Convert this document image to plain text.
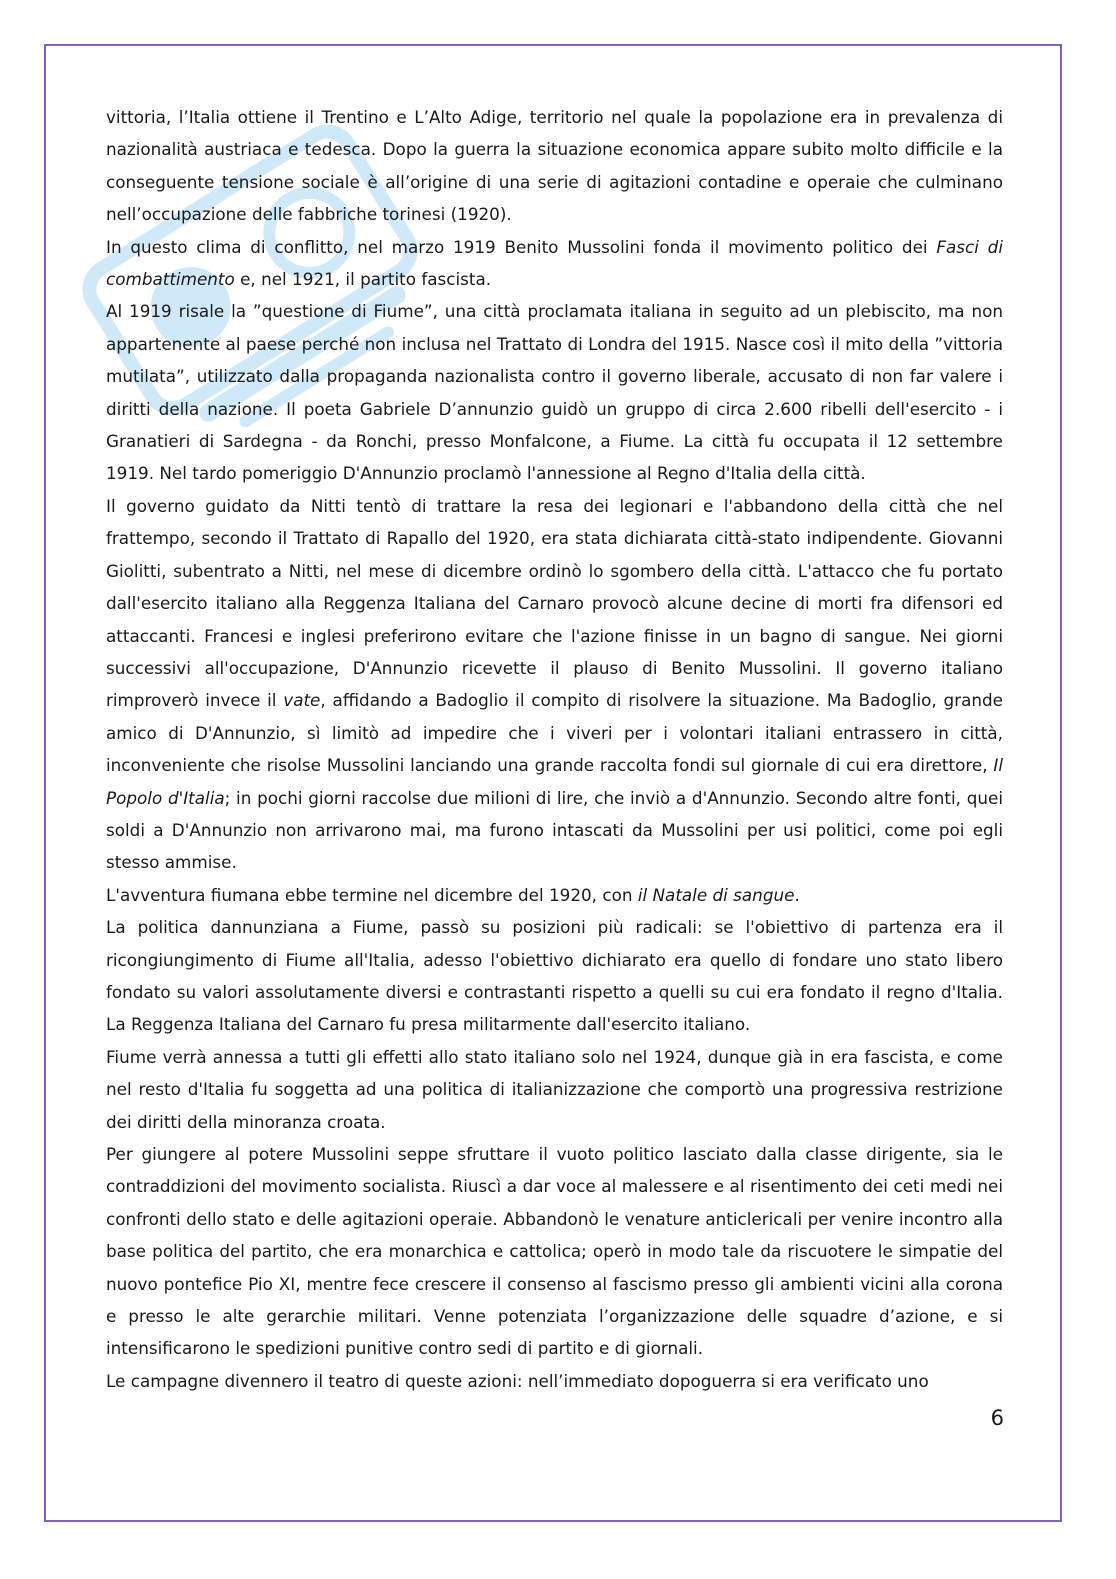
vittoria, l’Italia ottiene il Trentino e L’Alto Adige, territorio nel quale la popolazione era in prevalenza di nazionalità austriaca e tedesca. Dopo la guerra la situazione economica appare subito molto difficile e la conseguente tensione sociale è all’origine di una serie di agitazioni contadine e operaie che culminano nell’occupazione delle fabbriche torinesi (1920).

In questo clima di conflitto, nel marzo 1919 Benito Mussolini fonda il movimento politico dei Fasci di combattimento e, nel 1921, il partito fascista.

Al 1919 risale la ”questione di Fiume”, una città proclamata italiana in seguito ad un plebiscito, ma non appartenente al paese perché non inclusa nel Trattato di Londra del 1915. Nasce così il mito della ”vittoria mutilata”, utilizzato dalla propaganda nazionalista contro il governo liberale, accusato di non far valere i diritti della nazione. Il poeta Gabriele D’annunzio guidò un gruppo di circa 2.600 ribelli dell'esercito - i Granatieri di Sardegna - da Ronchi, presso Monfalcone, a Fiume. La città fu occupata il 12 settembre 1919. Nel tardo pomeriggio D'Annunzio proclamò l'annessione al Regno d'Italia della città.

Il governo guidato da Nitti tentò di trattare la resa dei legionari e l'abbandono della città che nel frattempo, secondo il Trattato di Rapallo del 1920, era stata dichiarata città-stato indipendente. Giovanni Giolitti, subentrato a Nitti, nel mese di dicembre ordinò lo sgombero della città. L'attacco che fu portato dall'esercito italiano alla Reggenza Italiana del Carnaro provocò alcune decine di morti fra difensori ed attaccanti. Francesi e inglesi preferirono evitare che l'azione finisse in un bagno di sangue. Nei giorni successivi all'occupazione, D'Annunzio ricevette il plauso di Benito Mussolini. Il governo italiano rimproverò invece il vate, affidando a Badoglio il compito di risolvere la situazione. Ma Badoglio, grande amico di D'Annunzio, sì limitò ad impedire che i viveri per i volontari italiani entrassero in città, inconveniente che risolse Mussolini lanciando una grande raccolta fondi sul giornale di cui era direttore, Il Popolo d'Italia; in pochi giorni raccolse due milioni di lire, che inviò a d'Annunzio. Secondo altre fonti, quei soldi a D'Annunzio non arrivarono mai, ma furono intascati da Mussolini per usi politici, come poi egli stesso ammise.

L'avventura fiumana ebbe termine nel dicembre del 1920, con il Natale di sangue.

La politica dannunziana a Fiume, passò su posizioni più radicali: se l'obiettivo di partenza era il ricongiungimento di Fiume all'Italia, adesso l'obiettivo dichiarato era quello di fondare uno stato libero fondato su valori assolutamente diversi e contrastanti rispetto a quelli su cui era fondato il regno d'Italia. La Reggenza Italiana del Carnaro fu presa militarmente dall'esercito italiano.

Fiume verrà annessa a tutti gli effetti allo stato italiano solo nel 1924, dunque già in era fascista, e come nel resto d'Italia fu soggetta ad una politica di italianizzazione che comportò una progressiva restrizione dei diritti della minoranza croata.

Per giungere al potere Mussolini seppe sfruttare il vuoto politico lasciato dalla classe dirigente, sia le contraddizioni del movimento socialista. Riuscì a dar voce al malessere e al risentimento dei ceti medi nei confronti dello stato e delle agitazioni operaie. Abbandonò le venature anticlericali per venire incontro alla base politica del partito, che era monarchica e cattolica; operò in modo tale da riscuotere le simpatie del nuovo pontefice Pio XI, mentre fece crescere il consenso al fascismo presso gli ambienti vicini alla corona e presso le alte gerarchie militari. Venne potenziata l’organizzazione delle squadre d’azione, e si intensificarono le spedizioni punitive contro sedi di partito e di giornali.

Le campagne divennero il teatro di queste azioni: nell’immediato dopoguerra si era verificato uno

6
